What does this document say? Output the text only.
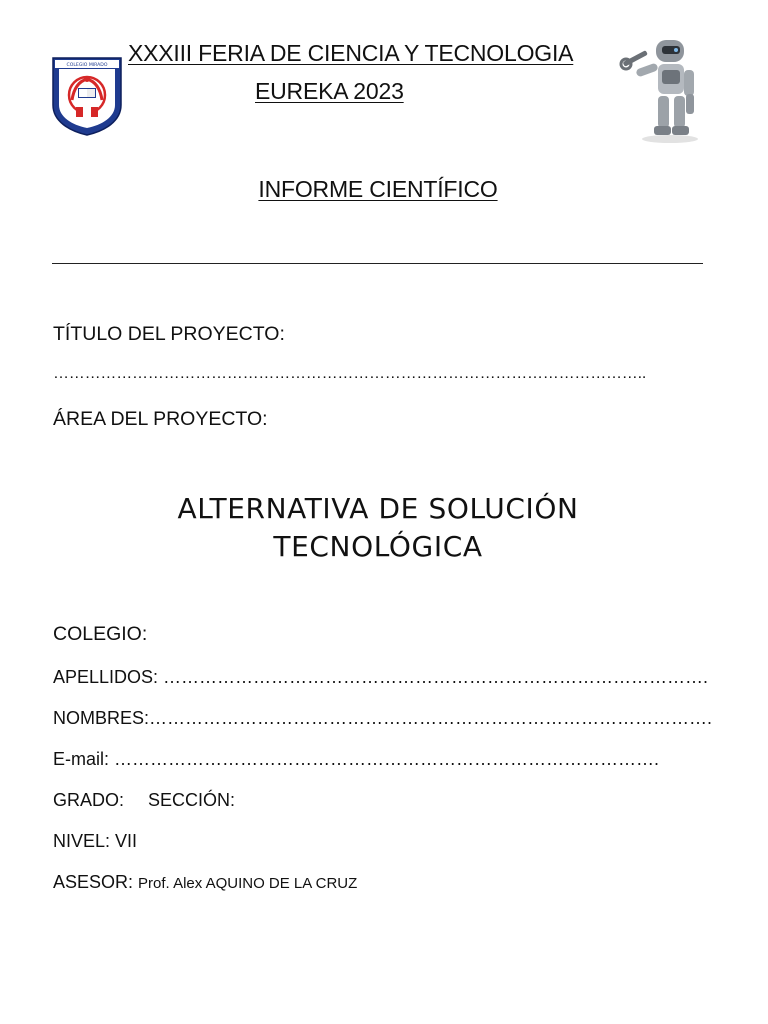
COLEGIO MIRADO XXXIII FERIA DE CIENCIA Y TECNOLOGIA
EUREKA 2023
INFORME CIENTÍFICO
TÍTULO DEL PROYECTO:
…………………………………………………………………………………………………..
ÁREA DEL PROYECTO:
ALTERNATIVA DE SOLUCIÓN
TECNOLÓGICA
COLEGIO:
APELLIDOS: ……………………………………………………………………………….
NOMBRES:………………………………………………………………………………….
E-mail: ……………………………………………………………………………….
GRADO: SECCIÓN:
NIVEL: VII
ASESOR: Prof. Alex AQUINO DE LA CRUZ
